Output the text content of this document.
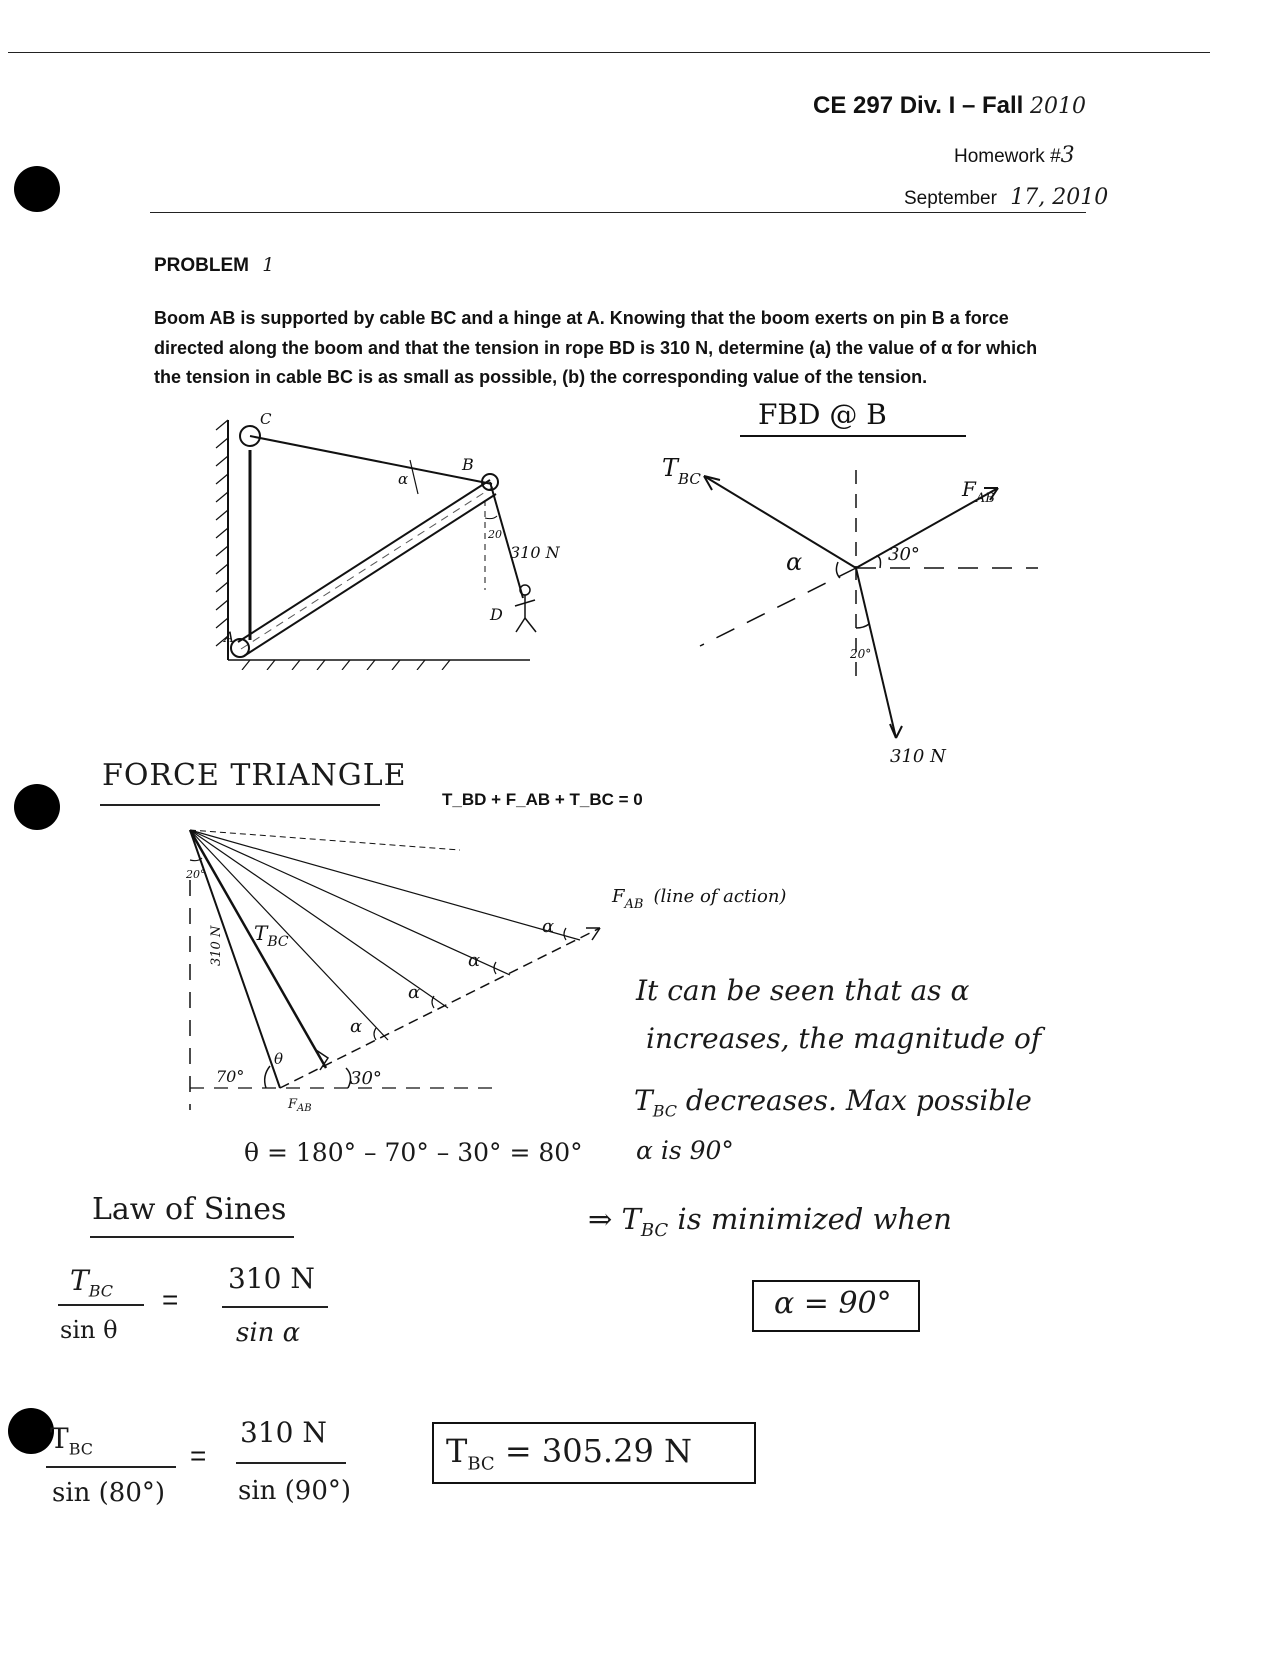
CE 297 Div. I – Fall 2010
Homework #3
September 17, 2010
PROBLEM 1
Boom AB is supported by cable BC and a hinge at A. Knowing that the boom exerts on pin B a force
directed along the boom and that the tension in rope BD is 310 N, determine (a) the value of α for which
the tension in cable BC is as small as possible, (b) the corresponding value of the tension.
C
B
A
D
α
20
310 N
FBD @ B
$T_{BC}$	$F_{AB}$
α	30°
20°
310 N
FORCE TRIANGLE
T_BD + F_AB + T_BC = 0
20°
310 N $T_{BC}$
θ
70°	30°
$F_{AB}$
α
α
α
α
$F_{AB}$ (line of action)
θ = 180° – 70° – 30° = 80°
It can be seen that as α
increases, the magnitude of
$T_{BC}$ decreases. Max possible
α is 90°
⇒ $T_{BC}$ is minimized when
α = 90°
Law of Sines
$T_{BC}$
sin θ
=
310 N
sin α
$T_{BC}$
sin (80°)
=
310 N
sin (90°)
$T_{BC} = 305.29$ N
